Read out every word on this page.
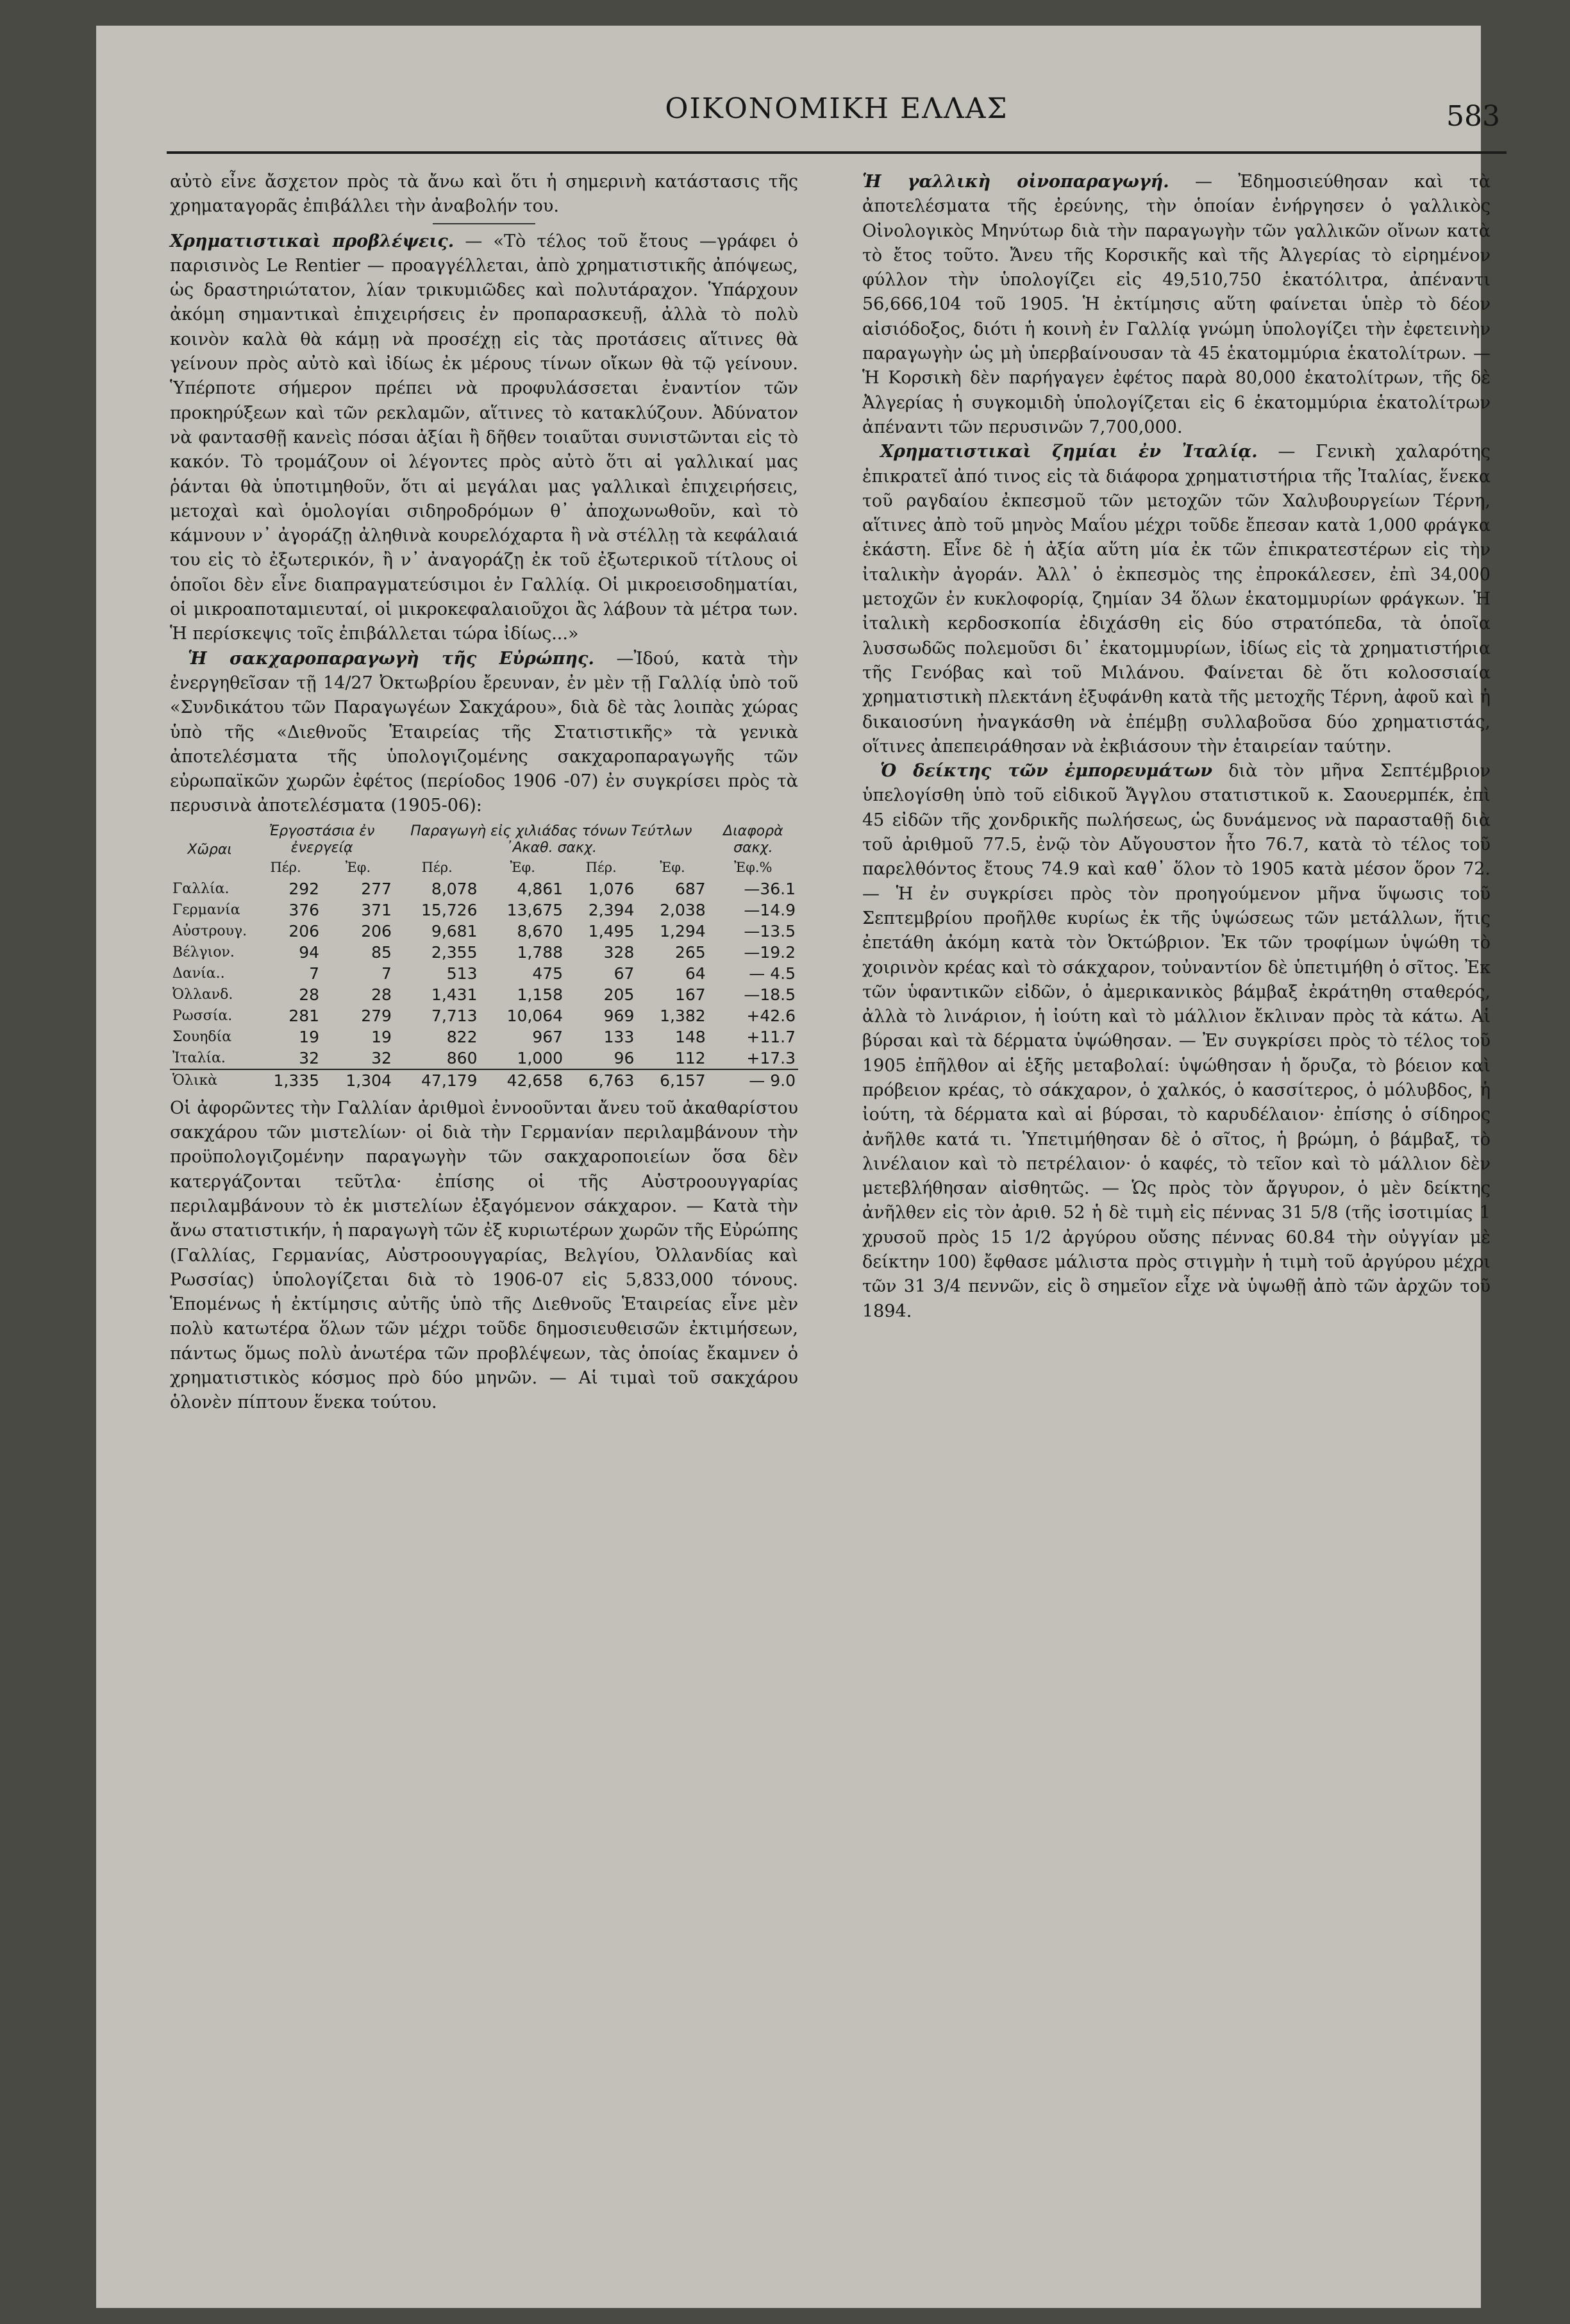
ΟΙΚΟΝΟΜΙΚΗ ΕΛΛΑΣ	583

αὐτὸ εἶνε ἄσχετον πρὸς τὰ ἄνω καὶ ὅτι ἡ σημερινὴ κατάστασις τῆς χρηματαγορᾶς ἐπιβάλλει τὴν ἀναβολήν του.

Χρηματιστικαὶ προβλέψεις. — «Τὸ τέλος τοῦ ἔτους —γράφει ὁ παρισινὸς Le Rentier — προαγγέλλεται, ἀπὸ χρηματιστικῆς ἀπόψεως, ὡς δραστηριώτατον, λίαν τρικυμιῶδες καὶ πολυτάραχον. Ὑπάρχουν ἀκόμη σημαντικαὶ ἐπιχειρήσεις ἐν προπαρασκευῇ, ἀλλὰ τὸ πολὺ κοινὸν καλὰ θὰ κάμῃ νὰ προσέχῃ εἰς τὰς προτάσεις αἵτινες θὰ γείνουν πρὸς αὐτὸ καὶ ἰδίως ἐκ μέρους τίνων οἴκων θὰ τῷ γείνουν. Ὑπέρποτε σήμερον πρέπει νὰ προφυλάσσεται ἐναντίον τῶν προκηρύξεων καὶ τῶν ρεκλαμῶν, αἵτινες τὸ κατακλύζουν. Ἀδύνατον νὰ φαντασθῇ κανεὶς πόσαι ἀξίαι ἢ δῆθεν τοιαῦται συνιστῶνται εἰς τὸ κακόν. Τὸ τρομάζουν οἱ λέγοντες πρὸς αὐτὸ ὅτι αἱ γαλλικαί μας ῥάνται θὰ ὑποτιμηθοῦν, ὅτι αἱ μεγάλαι μας γαλλικαὶ ἐπιχειρήσεις, μετοχαὶ καὶ ὁμολογίαι σιδηροδρόμων θ᾽ ἀποχωνωθοῦν, καὶ τὸ κάμνουν ν᾽ ἀγοράζῃ ἀληθινὰ κουρελόχαρτα ἢ νὰ στέλλῃ τὰ κεφάλαιά του εἰς τὸ ἐξωτερικόν, ἢ ν᾽ ἀναγοράζῃ ἐκ τοῦ ἐξωτερικοῦ τίτλους οἱ ὁποῖοι δὲν εἶνε διαπραγματεύσιμοι ἐν Γαλλίᾳ. Οἱ μικροεισοδηματίαι, οἱ μικροαποταμιευταί, οἱ μικροκεφαλαιοῦχοι ἂς λάβουν τὰ μέτρα των. Ἡ περίσκεψις τοῖς ἐπιβάλλεται τώρα ἰδίως...»

Ἡ σακχαροπαραγωγὴ τῆς Εὐρώπης. —Ἰδού, κατὰ τὴν ἐνεργηθεῖσαν τῇ 14/27 Ὀκτωβρίου ἔρευναν, ἐν μὲν τῇ Γαλλίᾳ ὑπὸ τοῦ «Συνδικάτου τῶν Παραγωγέων Σακχάρου», διὰ δὲ τὰς λοιπὰς χώρας ὑπὸ τῆς «Διεθνοῦς Ἑταιρείας τῆς Στατιστικῆς» τὰ γενικὰ ἀποτελέσματα τῆς ὑπολογιζομένης σακχαροπαραγωγῆς τῶν εὐρωπαϊκῶν χωρῶν ἐφέτος (περίοδος 1906 -07) ἐν συγκρίσει πρὸς τὰ περυσινὰ ἀποτελέσματα (1905-06):

Χῶραι	Ἐργοστάσια ἐν ἐνεργείᾳ		Παραγωγὴ εἰς χιλιάδας τόνων Τεύτλων ᾽Ακαθ. σακχ.				Διαφορὰ σακχ.
	Πέρ.	Ἐφ.	Πέρ.	Ἐφ.	Πέρ.	Ἐφ.	Ἐφ.%
Γαλλία.	292	277	8,078	4,861	1,076	687	—36.1
Γερμανία	376	371	15,726	13,675	2,394	2,038	—14.9
Αὐστρουγ.	206	206	9,681	8,670	1,495	1,294	—13.5
Βέλγιον.	94	85	2,355	1,788	328	265	—19.2
Δανία..	7	7	513	475	67	64	— 4.5
Ὀλλανδ.	28	28	1,431	1,158	205	167	—18.5
Ρωσσία.	281	279	7,713	10,064	969	1,382	+42.6
Σουηδία	19	19	822	967	133	148	+11.7
Ἰταλία.	32	32	860	1,000	96	112	+17.3
Ὁλικὰ	1,335	1,304	47,179	42,658	6,763	6,157	— 9.0

Οἱ ἀφορῶντες τὴν Γαλλίαν ἀριθμοὶ ἐννοοῦνται ἄνευ τοῦ ἀκαθαρίστου σακχάρου τῶν μιστελίων· οἱ διὰ τὴν Γερμανίαν περιλαμβάνουν τὴν προϋπολογιζομένην παραγωγὴν τῶν σακχαροποιείων ὅσα δὲν κατεργάζονται τεῦτλα· ἐπίσης οἱ τῆς Αὐστροουγγαρίας περιλαμβάνουν τὸ ἐκ μιστελίων ἐξαγόμενον σάκχαρον. — Κατὰ τὴν ἄνω στατιστικήν, ἡ παραγωγὴ τῶν ἐξ κυριωτέρων χωρῶν τῆς Εὐρώπης (Γαλλίας, Γερμανίας, Αὐστροουγγαρίας, Βελγίου, Ὀλλανδίας καὶ Ρωσσίας) ὑπολογίζεται διὰ τὸ 1906-07 εἰς 5,833,000 τόνους. Ἑπομένως ἡ ἐκτίμησις αὐτῆς ὑπὸ τῆς Διεθνοῦς Ἑταιρείας εἶνε μὲν πολὺ κατωτέρα ὅλων τῶν μέχρι τοῦδε δημοσιευθεισῶν ἐκτιμήσεων, πάντως ὅμως πολὺ ἀνωτέρα τῶν προβλέψεων, τὰς ὁποίας ἔκαμνεν ὁ χρηματιστικὸς κόσμος πρὸ δύο μηνῶν. — Αἱ τιμαὶ τοῦ σακχάρου ὁλονὲν πίπτουν ἕνεκα τούτου.

Ἡ γαλλικὴ οἰνοπαραγωγή. — Ἐδημοσιεύθησαν καὶ τὰ ἀποτελέσματα τῆς ἐρεύνης, τὴν ὁποίαν ἐνήργησεν ὁ γαλλικὸς Οἰνολογικὸς Μηνύτωρ διὰ τὴν παραγωγὴν τῶν γαλλικῶν οἴνων κατὰ τὸ ἔτος τοῦτο. Ἄνευ τῆς Κορσικῆς καὶ τῆς Ἀλγερίας τὸ εἰρημένον φύλλον τὴν ὑπολογίζει εἰς 49,510,750 ἑκατόλιτρα, ἀπέναντι 56,666,104 τοῦ 1905. Ἡ ἐκτίμησις αὕτη φαίνεται ὑπὲρ τὸ δέον αἰσιόδοξος, διότι ἡ κοινὴ ἐν Γαλλίᾳ γνώμη ὑπολογίζει τὴν ἐφετεινὴν παραγωγὴν ὡς μὴ ὑπερβαίνουσαν τὰ 45 ἑκατομμύρια ἑκατολίτρων. — Ἡ Κορσικὴ δὲν παρήγαγεν ἐφέτος παρὰ 80,000 ἑκατολίτρων, τῆς δὲ Ἀλγερίας ἡ συγκομιδὴ ὑπολογίζεται εἰς 6 ἑκατομμύρια ἑκατολίτρων ἀπέναντι τῶν περυσινῶν 7,700,000.

Χρηματιστικαὶ ζημίαι ἐν Ἰταλίᾳ. — Γενικὴ χαλαρότης ἐπικρατεῖ ἀπό τινος εἰς τὰ διάφορα χρηματιστήρια τῆς Ἰταλίας, ἕνεκα τοῦ ραγδαίου ἐκπεσμοῦ τῶν μετοχῶν τῶν Χαλυβουργείων Τέρνη, αἵτινες ἀπὸ τοῦ μηνὸς Μαΐου μέχρι τοῦδε ἔπεσαν κατὰ 1,000 φράγκα ἑκάστη. Εἶνε δὲ ἡ ἀξία αὕτη μία ἐκ τῶν ἐπικρατεστέρων εἰς τὴν ἰταλικὴν ἀγοράν. Ἀλλ᾽ ὁ ἐκπεσμὸς της ἐπροκάλεσεν, ἐπὶ 34,000 μετοχῶν ἐν κυκλοφορίᾳ, ζημίαν 34 ὅλων ἑκατομμυρίων φράγκων. Ἡ ἰταλικὴ κερδοσκοπία ἐδιχάσθη εἰς δύο στρατόπεδα, τὰ ὁποῖα λυσσωδῶς πολεμοῦσι δι᾽ ἑκατομμυρίων, ἰδίως εἰς τὰ χρηματιστήρια τῆς Γενόβας καὶ τοῦ Μιλάνου. Φαίνεται δὲ ὅτι κολοσσιαία χρηματιστικὴ πλεκτάνη ἐξυφάνθη κατὰ τῆς μετοχῆς Τέρνη, ἀφοῦ καὶ ἡ δικαιοσύνη ἠναγκάσθη νὰ ἐπέμβῃ συλλαβοῦσα δύο χρηματιστάς, οἵτινες ἀπεπειράθησαν νὰ ἐκβιάσουν τὴν ἑταιρείαν ταύτην.

Ὁ δείκτης τῶν ἐμπορευμάτων διὰ τὸν μῆνα Σεπτέμβριον ὑπελογίσθη ὑπὸ τοῦ εἰδικοῦ Ἄγγλου στατιστικοῦ κ. Σαουερμπέκ, ἐπὶ 45 εἰδῶν τῆς χονδρικῆς πωλήσεως, ὡς δυνάμενος νὰ παρασταθῇ διὰ τοῦ ἀριθμοῦ 77.5, ἐνῷ τὸν Αὔγουστον ἦτο 76.7, κατὰ τὸ τέλος τοῦ παρελθόντος ἔτους 74.9 καὶ καθ᾽ ὅλον τὸ 1905 κατὰ μέσον ὅρον 72. — Ἡ ἐν συγκρίσει πρὸς τὸν προηγούμενον μῆνα ὕψωσις τοῦ Σεπτεμβρίου προῆλθε κυρίως ἐκ τῆς ὑψώσεως τῶν μετάλλων, ἥτις ἐπετάθη ἀκόμη κατὰ τὸν Ὀκτώβριον. Ἐκ τῶν τροφίμων ὑψώθη τὸ χοιρινὸν κρέας καὶ τὸ σάκχαρον, τοὐναντίον δὲ ὑπετιμήθη ὁ σῖτος. Ἐκ τῶν ὑφαντικῶν εἰδῶν, ὁ ἀμερικανικὸς βάμβαξ ἐκράτηθη σταθερός, ἀλλὰ τὸ λινάριον, ἡ ἰούτη καὶ τὸ μάλλιον ἔκλιναν πρὸς τὰ κάτω. Αἱ βύρσαι καὶ τὰ δέρματα ὑψώθησαν. — Ἐν συγκρίσει πρὸς τὸ τέλος τοῦ 1905 ἐπῆλθον αἱ ἑξῆς μεταβολαί: ὑψώθησαν ἡ ὄρυζα, τὸ βόειον καὶ πρόβειον κρέας, τὸ σάκχαρον, ὁ χαλκός, ὁ κασσίτερος, ὁ μόλυβδος, ἡ ἰούτη, τὰ δέρματα καὶ αἱ βύρσαι, τὸ καρυδέλαιον· ἐπίσης ὁ σίδηρος ἀνῆλθε κατά τι. Ὑπετιμήθησαν δὲ ὁ σῖτος, ἡ βρώμη, ὁ βάμβαξ, τὸ λινέλαιον καὶ τὸ πετρέλαιον· ὁ καφές, τὸ τεῖον καὶ τὸ μάλλιον δὲν μετεβλήθησαν αἰσθητῶς. — Ὡς πρὸς τὸν ἄργυρον, ὁ μὲν δείκτης ἀνῆλθεν εἰς τὸν ἀριθ. 52 ἡ δὲ τιμὴ εἰς πέννας 31 5/8 (τῆς ἰσοτιμίας 1 χρυσοῦ πρὸς 15 1/2 ἀργύρου οὔσης πέννας 60.84 τὴν οὐγγίαν μὲ δείκτην 100) ἔφθασε μάλιστα πρὸς στιγμὴν ἡ τιμὴ τοῦ ἀργύρου μέχρι τῶν 31 3/4 πεννῶν, εἰς ὃ σημεῖον εἶχε νὰ ὑψωθῇ ἀπὸ τῶν ἀρχῶν τοῦ 1894.
